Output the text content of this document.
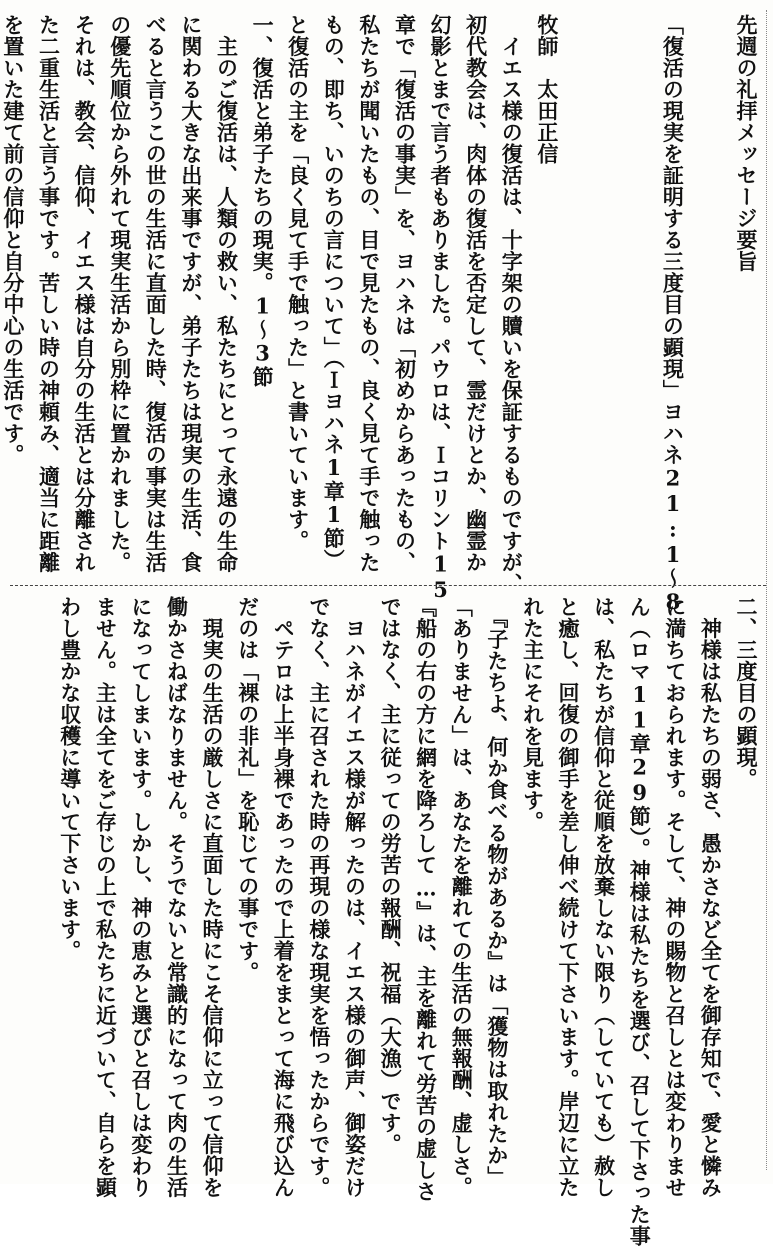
先週の礼拝メッセージ要旨
「復活の現実を証明する三度目の顕現」ヨハネ21:1～8
牧師　太田正信
　イエス様の復活は、十字架の贖いを保証するものですが、
初代教会は、肉体の復活を否定して、霊だけとか、幽霊か
幻影とまで言う者もありました。パウロは、Ｉコリント15
章で「復活の事実」を、ヨハネは「初めからあったもの、
私たちが聞いたもの、目で見たもの、良く見て手で触った
もの、即ち、いのちの言について」（Ｉヨハネ1章1節）
と復活の主を「良く見て手で触った」と書いています。
一、復活と弟子たちの現実。1～3節
　主のご復活は、人類の救い、私たちにとって永遠の生命
に関わる大きな出来事ですが、弟子たちは現実の生活、食
べると言うこの世の生活に直面した時、復活の事実は生活
の優先順位から外れて現実生活から別枠に置かれました。
それは、教会、信仰、イエス様は自分の生活とは分離され
た二重生活と言う事です。苦しい時の神頼み、適当に距離
を置いた建て前の信仰と自分中心の生活です。
二、三度目の顕現。
　神様は私たちの弱さ、愚かさなど全てを御存知で、愛と憐み
に満ちておられます。そして、神の賜物と召しとは変わりませ
ん（ロマ11章29節）。神様は私たちを選び、召して下さった事
は、私たちが信仰と従順を放棄しない限り（していても）赦し
と癒し、回復の御手を差し伸べ続けて下さいます。岸辺に立た
れた主にそれを見ます。
　『子たちよ、何か食べる物があるか』は「獲物は取れたか」
「ありません」は、あなたを離れての生活の無報酬、虚しさ。
『船の右の方に網を降ろして…』は、主を離れて労苦の虚しさ
ではなく、主に従っての労苦の報酬、祝福（大漁）です。
　ヨハネがイエス様が解ったのは、イエス様の御声、御姿だけ
でなく、主に召された時の再現の様な現実を悟ったからです。
　ペテロは上半身裸であったので上着をまとって海に飛び込ん
だのは「裸の非礼」を恥じての事です。
　現実の生活の厳しさに直面した時にこそ信仰に立って信仰を
働かさねばなりません。そうでないと常識的になって肉の生活
になってしまいます。しかし、神の恵みと選びと召しは変わり
ません。主は全てをご存じの上で私たちに近づいて、自らを顕
わし豊かな収穫に導いて下さいます。
